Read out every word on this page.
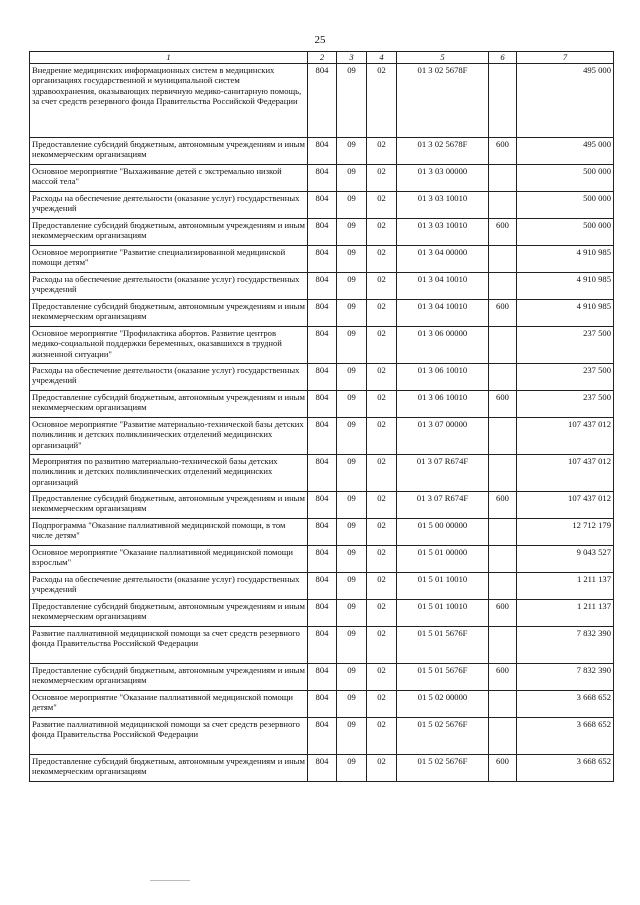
25
1	2	3	4	5	6	7
Внедрение медицинских информационных систем в медицинских организациях государственной и муниципальной систем здравоохранения, оказывающих первичную медико-санитарную помощь, за счет средств резервного фонда Правительства Российской Федерации	804	09	02	01 3 02 5678F		495 000
Предоставление субсидий бюджетным, автономным учреждениям и иным некоммерческим организациям	804	09	02	01 3 02 5678F	600	495 000
Основное мероприятие "Выхаживание детей с экстремально низкой массой тела"	804	09	02	01 3 03 00000		500 000
Расходы на обеспечение деятельности (оказание услуг) государственных учреждений	804	09	02	01 3 03 10010		500 000
Предоставление субсидий бюджетным, автономным учреждениям и иным некоммерческим организациям	804	09	02	01 3 03 10010	600	500 000
Основное мероприятие "Развитие специализированной медицинской помощи детям"	804	09	02	01 3 04 00000		4 910 985
Расходы на обеспечение деятельности (оказание услуг) государственных учреждений	804	09	02	01 3 04 10010		4 910 985
Предоставление субсидий бюджетным, автономным учреждениям и иным некоммерческим организациям	804	09	02	01 3 04 10010	600	4 910 985
Основное мероприятие "Профилактика абортов. Развитие центров медико-социальной поддержки беременных, оказавшихся в трудной жизненной ситуации"	804	09	02	01 3 06 00000		237 500
Расходы на обеспечение деятельности (оказание услуг) государственных учреждений	804	09	02	01 3 06 10010		237 500
Предоставление субсидий бюджетным, автономным учреждениям и иным некоммерческим организациям	804	09	02	01 3 06 10010	600	237 500
Основное мероприятие "Развитие материально-технической базы детских поликлиник и детских поликлинических отделений медицинских организаций"	804	09	02	01 3 07 00000		107 437 012
Мероприятия по развитию материально-технической базы детских поликлиник и детских поликлинических отделений медицинских организаций	804	09	02	01 3 07 R674F		107 437 012
Предоставление субсидий бюджетным, автономным учреждениям и иным некоммерческим организациям	804	09	02	01 3 07 R674F	600	107 437 012
Подпрограмма "Оказание паллиативной медицинской помощи, в том числе детям"	804	09	02	01 5 00 00000		12 712 179
Основное мероприятие "Оказание паллиативной медицинской помощи взрослым"	804	09	02	01 5 01 00000		9 043 527
Расходы на обеспечение деятельности (оказание услуг) государственных учреждений	804	09	02	01 5 01 10010		1 211 137
Предоставление субсидий бюджетным, автономным учреждениям и иным некоммерческим организациям	804	09	02	01 5 01 10010	600	1 211 137
Развитие паллиативной медицинской помощи за счет средств резервного фонда Правительства Российской Федерации	804	09	02	01 5 01 5676F		7 832 390
Предоставление субсидий бюджетным, автономным учреждениям и иным некоммерческим организациям	804	09	02	01 5 01 5676F	600	7 832 390
Основное мероприятие "Оказание паллиативной медицинской помощи детям"	804	09	02	01 5 02 00000		3 668 652
Развитие паллиативной медицинской помощи за счет средств резервного фонда Правительства Российской Федерации	804	09	02	01 5 02 5676F		3 668 652
Предоставление субсидий бюджетным, автономным учреждениям и иным некоммерческим организациям	804	09	02	01 5 02 5676F	600	3 668 652
